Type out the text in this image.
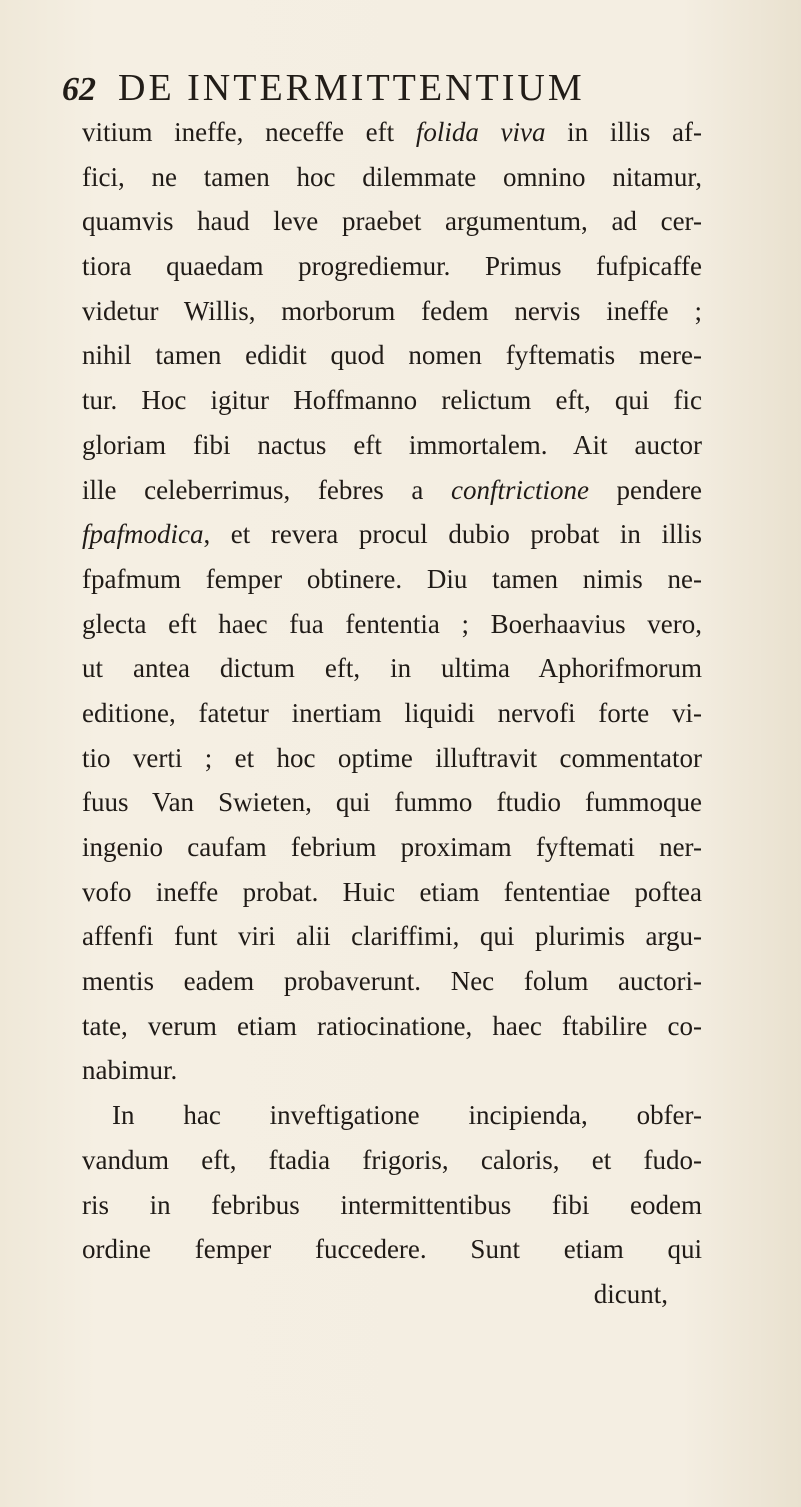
62 DE INTERMITTENTIUM
vitium ineffe, neceffe eft folida viva in illis af-
fici, ne tamen hoc dilemmate omnino nitamur,
quamvis haud leve praebet argumentum, ad cer-
tiora quaedam progrediemur. Primus fufpicaffe
videtur Willis, morborum fedem nervis ineffe ;
nihil tamen edidit quod nomen fyftematis mere-
tur. Hoc igitur Hoffmanno relictum eft, qui fic
gloriam fibi nactus eft immortalem. Ait auctor
ille celeberrimus, febres a conftrictione pendere
fpafmodica, et revera procul dubio probat in illis
fpafmum femper obtinere. Diu tamen nimis ne-
glecta eft haec fua fententia ; Boerhaavius vero,
ut antea dictum eft, in ultima Aphorifmorum
editione, fatetur inertiam liquidi nervofi forte vi-
tio verti ; et hoc optime illuftravit commentator
fuus Van Swieten, qui fummo ftudio fummoque
ingenio caufam febrium proximam fyftemati ner-
vofo ineffe probat. Huic etiam fententiae poftea
affenfi funt viri alii clariffimi, qui plurimis argu-
mentis eadem probaverunt. Nec folum auctori-
tate, verum etiam ratiocinatione, haec ftabilire co-
nabimur.
In hac inveftigatione incipienda, obfer-
vandum eft, ftadia frigoris, caloris, et fudo-
ris in febribus intermittentibus fibi eodem
ordine femper fuccedere. Sunt etiam qui
dicunt,
